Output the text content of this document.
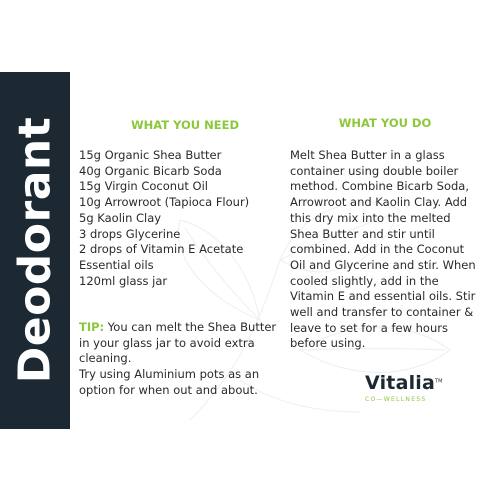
Deodorant	WHAT YOU NEED
15g Organic Shea Butter
40g Organic Bicarb Soda
15g Virgin Coconut Oil
10g Arrowroot (Tapioca Flour)
5g Kaolin Clay
3 drops Glycerine
2 drops of Vitamin E Acetate
Essential oils
120ml glass jar
TIP: You can melt the Shea Butter in your glass jar to avoid extra cleaning.
Try using Aluminium pots as an option for when out and about.
WHAT YOU DO

Melt Shea Butter in a glass container using double boiler method. Combine Bicarb Soda, Arrowroot and Kaolin Clay. Add this dry mix into the melted Shea Butter and stir until combined. Add in the Coconut Oil and Glycerine and stir. When cooled slightly, add in the Vitamin E and essential oils. Stir well and transfer to container & leave to set for a few hours before using.

Vitalia™
CO—WELLNESS
